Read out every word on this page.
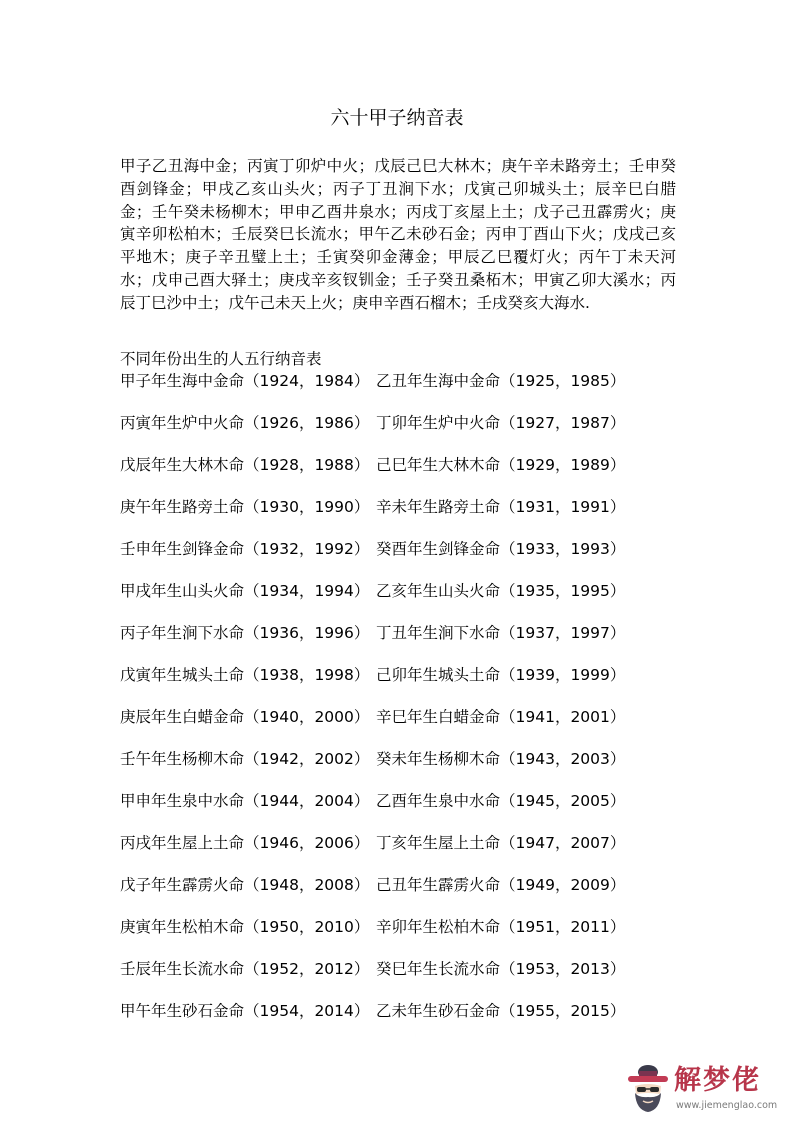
六十甲子纳音表
甲子乙丑海中金；丙寅丁卯炉中火；戊辰己巳大林木；庚午辛未路旁土；壬申癸酉剑锋金；甲戌乙亥山头火；丙子丁丑涧下水；戊寅己卯城头土；辰辛巳白腊金；壬午癸未杨柳木；甲申乙酉井泉水；丙戌丁亥屋上土；戊子己丑霹雳火；庚寅辛卯松柏木；壬辰癸巳长流水；甲午乙未砂石金；丙申丁酉山下火；戊戌己亥平地木；庚子辛丑璧上土；壬寅癸卯金薄金；甲辰乙巳覆灯火；丙午丁未天河水；戊申己酉大驿土；庚戌辛亥钗钏金；壬子癸丑桑柘木；甲寅乙卯大溪水；丙辰丁巳沙中土；戊午己未天上火；庚申辛酉石榴木；壬戌癸亥大海水.
不同年份出生的人五行纳音表
甲子年生海中金命（1924，1984） 乙丑年生海中金命（1925，1985）
丙寅年生炉中火命（1926，1986） 丁卯年生炉中火命（1927，1987）
戊辰年生大林木命（1928，1988） 己巳年生大林木命（1929，1989）
庚午年生路旁土命（1930，1990） 辛未年生路旁土命（1931，1991）
壬申年生剑锋金命（1932，1992） 癸酉年生剑锋金命（1933，1993）
甲戌年生山头火命（1934，1994） 乙亥年生山头火命（1935，1995）
丙子年生涧下水命（1936，1996） 丁丑年生涧下水命（1937，1997）
戊寅年生城头土命（1938，1998） 己卯年生城头土命（1939，1999）
庚辰年生白蜡金命（1940，2000） 辛巳年生白蜡金命（1941，2001）
壬午年生杨柳木命（1942，2002） 癸未年生杨柳木命（1943，2003）
甲申年生泉中水命（1944，2004） 乙酉年生泉中水命（1945，2005）
丙戌年生屋上土命（1946，2006） 丁亥年生屋上土命（1947，2007）
戊子年生霹雳火命（1948，2008） 己丑年生霹雳火命（1949，2009）
庚寅年生松柏木命（1950，2010） 辛卯年生松柏木命（1951，2011）
壬辰年生长流水命（1952，2012） 癸巳年生长流水命（1953，2013）
甲午年生砂石金命（1954，2014） 乙未年生砂石金命（1955，2015）
解梦佬
www.jiemenglao.com
